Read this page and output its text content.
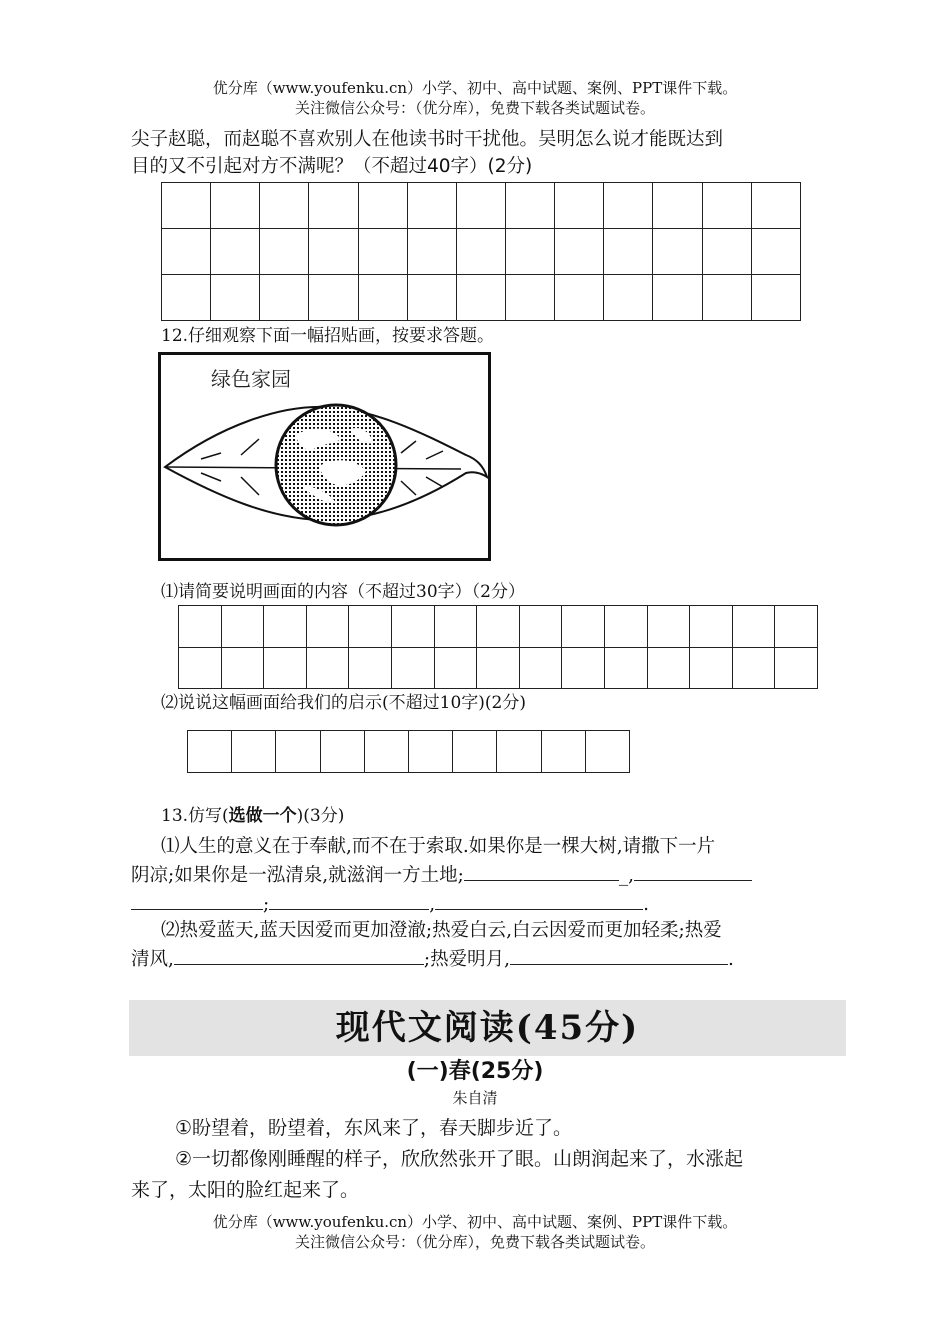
优分库（www.youfenku.cn）小学、初中、高中试题、案例、PPT课件下载。
关注微信公众号：（优分库），免费下载各类试题试卷。
尖子赵聪，而赵聪不喜欢别人在他读书时干扰他。吴明怎么说才能既达到
目的又不引起对方不满呢？（不超过40字）(2分)

12.仔细观察下面一幅招贴画，按要求答题。
绿色家园
⑴请简要说明画面的内容（不超过30字）（2分）

⑵说说这幅画面给我们的启示(不超过10字)(2分)

13.仿写(选做一个)(3分)
⑴人生的意义在于奉献,而不在于索取.如果你是一棵大树,请撒下一片
阴凉;如果你是一泓清泉,就滋润一方土地;	_,
;	,	.
⑵热爱蓝天,蓝天因爱而更加澄澈;热爱白云,白云因爱而更加轻柔;热爱
清风,	;热爱明月,	.
现代文阅读(45分)
(一)春(25分)
朱自清
①盼望着，盼望着，东风来了，春天脚步近了。
②一切都像刚睡醒的样子，欣欣然张开了眼。山朗润起来了，水涨起
来了，太阳的脸红起来了。
优分库（www.youfenku.cn）小学、初中、高中试题、案例、PPT课件下载。
关注微信公众号：（优分库），免费下载各类试题试卷。
